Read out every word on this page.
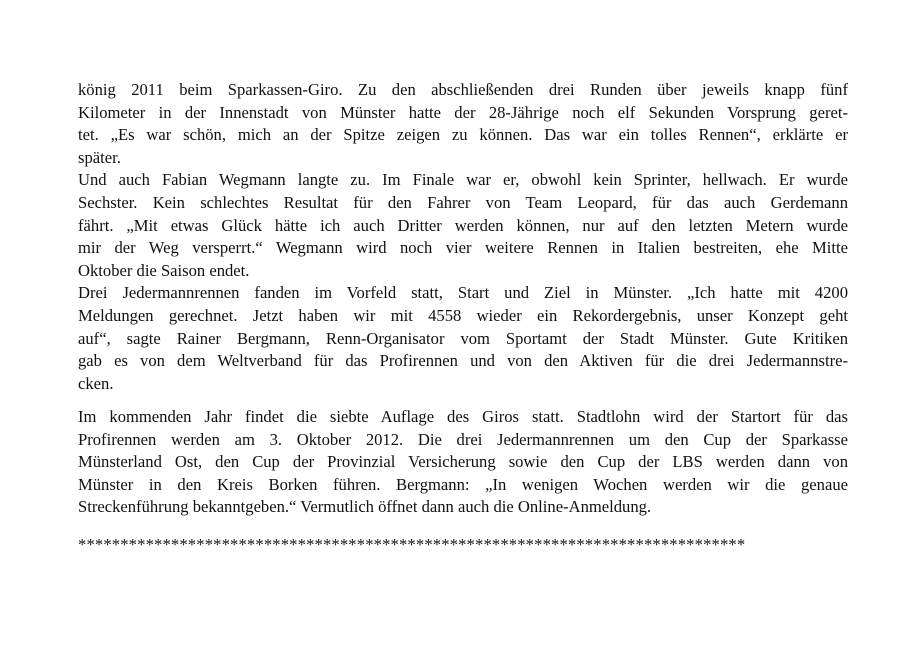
könig 2011 beim Sparkassen-Giro. Zu den abschließenden drei Runden über jeweils knapp fünf
Kilometer in der Innenstadt von Münster hatte der 28-Jährige noch elf Sekunden Vorsprung geret-
tet. „Es war schön, mich an der Spitze zeigen zu können. Das war ein tolles Rennen“, erklärte er
später.
Und auch Fabian Wegmann langte zu. Im Finale war er, obwohl kein Sprinter, hellwach. Er wurde
Sechster. Kein schlechtes Resultat für den Fahrer von Team Leopard, für das auch Gerdemann
fährt. „Mit etwas Glück hätte ich auch Dritter werden können, nur auf den letzten Metern wurde
mir der Weg versperrt.“ Wegmann wird noch vier weitere Rennen in Italien bestreiten, ehe Mitte
Oktober die Saison endet.
Drei Jedermannrennen fanden im Vorfeld statt, Start und Ziel in Münster. „Ich hatte mit 4200
Meldungen gerechnet. Jetzt haben wir mit 4558 wieder ein Rekordergebnis, unser Konzept geht
auf“, sagte Rainer Bergmann, Renn-Organisator vom Sportamt der Stadt Münster. Gute Kritiken
gab es von dem Weltverband für das Profirennen und von den Aktiven für die drei Jedermannstre-
cken.
Im kommenden Jahr findet die siebte Auflage des Giros statt. Stadtlohn wird der Startort für das
Profirennen werden am 3. Oktober 2012. Die drei Jedermannrennen um den Cup der Sparkasse
Münsterland Ost, den Cup der Provinzial Versicherung sowie den Cup der LBS werden dann von
Münster in den Kreis Borken führen. Bergmann: „In wenigen Wochen werden wir die genaue
Streckenführung bekanntgeben.“ Vermutlich öffnet dann auch die Online-Anmeldung.
*******************************************************************************
